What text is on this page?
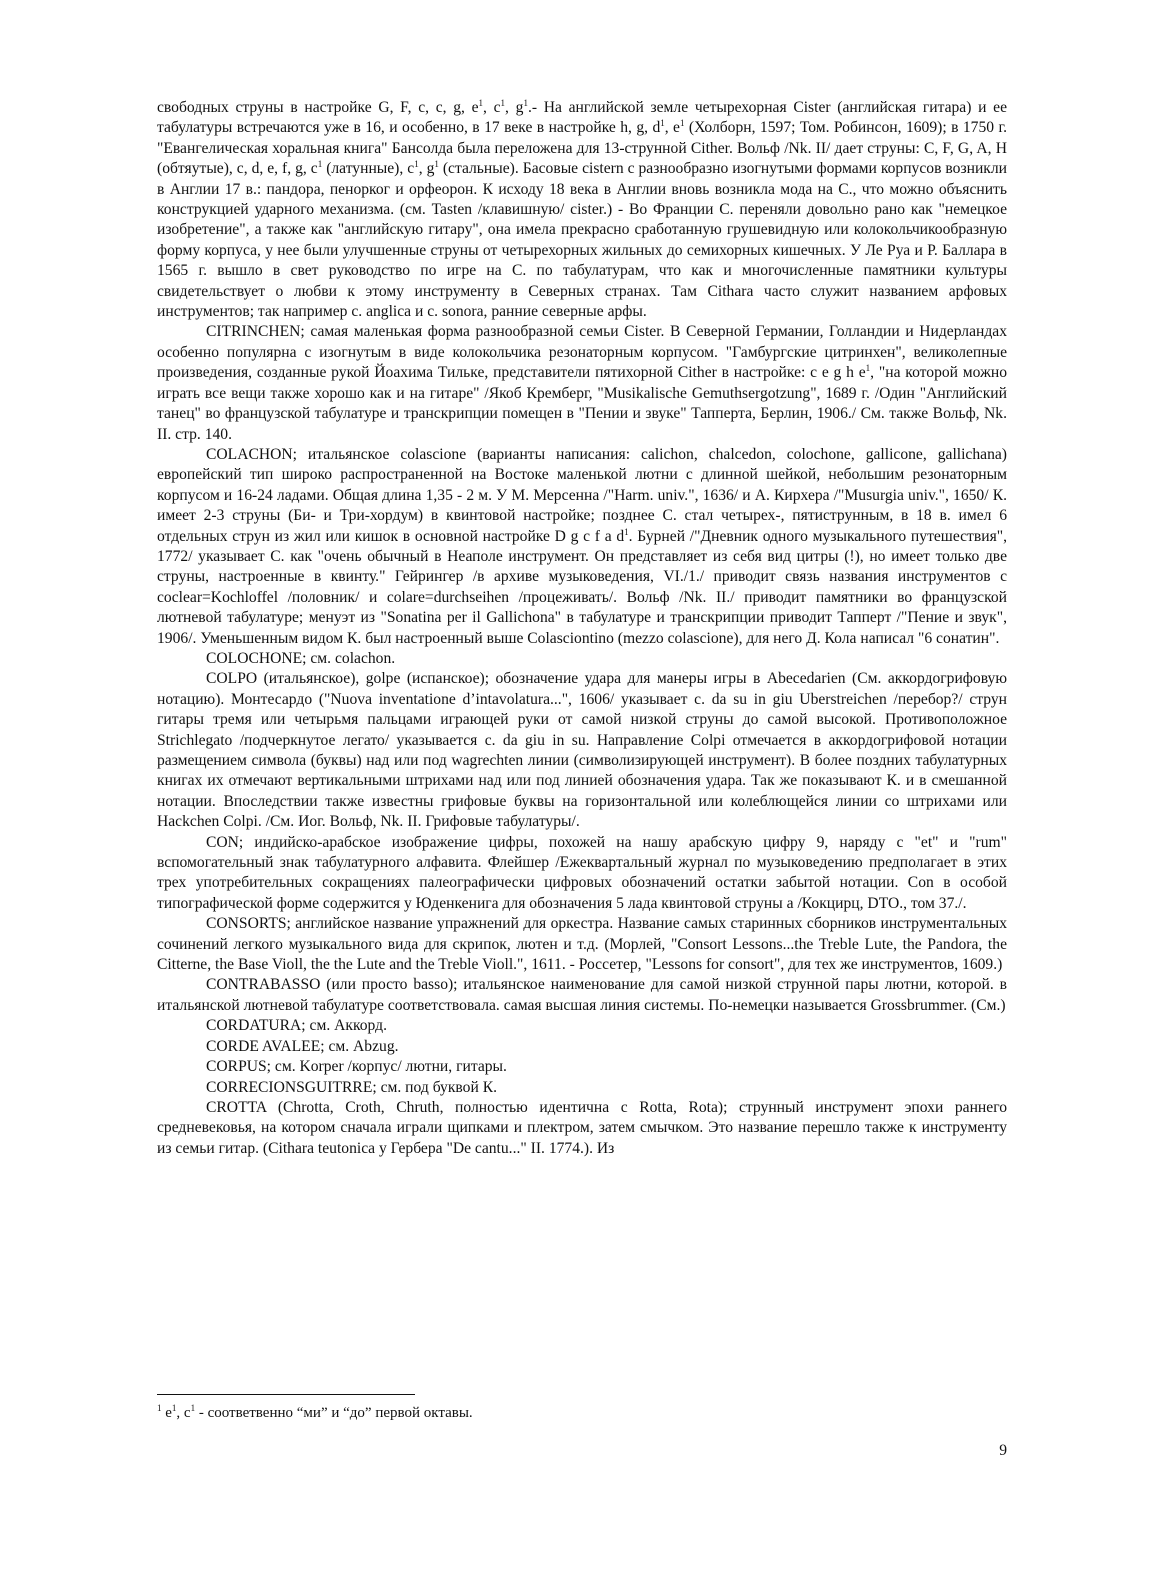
свободных струны в настройке G, F, c, c, g, $e^1$, $c^1$, $g^1.-$ На английской земле четырехорная Cister (английская гитара) и ее табулатуры встречаются уже в 16, и особенно, в 17 веке в настройке h, g, $d^1$, $e^1$ (Холборн, 1597; Том. Робинсон, 1609); в 1750 г. "Евангелическая хоральная книга" Бансолда была переложена для 13-струнной Cither. Вольф /Nk. II/ дает струны: C, F, G, A, H (обтяутые), c, d, e, f, g, $c^1$ (латунные), $c^1$, $g^1$ (стальные). Басовые cistern с разнообразно изогнутыми формами корпусов возникли в Англии 17 в.: пандора, пенорког и орфеорон. К исходу 18 века в Англии вновь возникла мода на С., что можно объяснить конструкцией ударного механизма. (см. Tasten /клавишную/ cister.) - Во Франции С. переняли довольно рано как "немецкое изобретение", а также как "английскую гитару", она имела прекрасно сработанную грушевидную или колокольчикообразную форму корпуса, у нее были улучшенные струны от четырехорных жильных до семихорных кишечных. У Ле Руа и Р. Баллара в 1565 г. вышло в свет руководство по игре на С. по табулатурам, что как и многочисленные памятники культуры свидетельствует о любви к этому инструменту в Северных странах. Там Cithara часто служит названием арфовых инструментов; так например c. anglica и c. sonora, ранние северные арфы.

CITRINCHEN; самая маленькая форма разнообразной семьи Cister. В Северной Германии, Голландии и Нидерландах особенно популярна с изогнутым в виде колокольчика резонаторным корпусом. "Гамбургские цитринхен", великолепные произведения, созданные рукой Йоахима Тильке, представители пятихорной Cither в настройке: c e g h $e^1$, "на которой можно играть все вещи также хорошо как и на гитаре" /Якоб Кремберг, "Musikalische Gemuthsergotzung", 1689 г. /Один "Английский танец" во французской табулатуре и транскрипции помещен в "Пении и звуке" Тапперта, Берлин, 1906./ См. также Вольф, Nk. II. стр. 140.

COLACHON; итальянское colascione (варианты написания: calichon, chalcedon, colochone, gallicone, gallichana) европейский тип широко распространенной на Востоке маленькой лютни с длинной шейкой, небольшим резонаторным корпусом и 16-24 ладами. Общая длина 1,35 - 2 м. У М. Мерсенна /"Harm. univ.", 1636/ и А. Кирхера /"Musurgia univ.", 1650/ К. имеет 2-3 струны (Би- и Три-хордум) в квинтовой настройке; позднее С. стал четырех-, пятиструнным, в 18 в. имел 6 отдельных струн из жил или кишок в основной настройке D g c f a $d^1$. Бурней /"Дневник одного музыкального путешествия", 1772/ указывает С. как "очень обычный в Неаполе инструмент. Он представляет из себя вид цитры (!), но имеет только две струны, настроенные в квинту." Гейрингер /в архиве музыковедения, VI./1./ приводит связь названия инструментов с coclear=Kochloffel /половник/ и colare=durchseihen /процеживать/. Вольф /Nk. II./ приводит памятники во французской лютневой табулатуре; менуэт из "Sonatina per il Gallichona" в табулатуре и транскрипции приводит Тапперт /"Пение и звук", 1906/. Уменьшенным видом К. был настроенный выше Colasciontino (mezzo colascione), для него Д. Кола написал "6 сонатин".

COLOCHONE; см. colachon.

COLPO (итальянское), golpe (испанское); обозначение удара для манеры игры в Abecedarien (См. аккордогрифовую нотацию). Монтесардо ("Nuova inventatione d’intavolatura...", 1606/ указывает c. da su in giu Uberstreichen /перебор?/ струн гитары тремя или четырьмя пальцами играющей руки от самой низкой струны до самой высокой. Противоположное Strichlegato /подчеркнутое легато/ указывается c. da giu in su. Направление Colpi отмечается в аккордогрифовой нотации размещением символа (буквы) над или под wagrechten линии (символизирующей инструмент). В более поздних табулатурных книгах их отмечают вертикальными штрихами над или под линией обозначения удара. Так же показывают К. и в смешанной нотации. Впоследствии также известны грифовые буквы на горизонтальной или колеблющейся линии со штрихами или Hackchen Colpi. /См. Иог. Вольф, Nk. II. Грифовые табулатуры/.

CON; индийско-арабское изображение цифры, похожей на нашу арабскую цифру 9, наряду с "et" и "rum" вспомогательный знак табулатурного алфавита. Флейшер /Ежеквартальный журнал по музыковедению предполагает в этих трех употребительных сокращениях палеографически цифровых обозначений остатки забытой нотации. Con в особой типографической форме содержится у Юденкенига для обозначения 5 лада квинтовой струны a /Кокцирц, DTO., том 37./.

CONSORTS; английское название упражнений для оркестра. Название самых старинных сборников инструментальных сочинений легкого музыкального вида для скрипок, лютен и т.д. (Морлей, "Consort Lessons...the Treble Lute, the Pandora, the Citterne, the Base Violl, the the Lute and the Treble Violl.", 1611. - Россетер, "Lessons for consort", для тех же инструментов, 1609.)

CONTRABASSO (или просто basso); итальянское наименование для самой низкой струнной пары лютни, которой. в итальянской лютневой табулатуре соответствовала. самая высшая линия системы. По-немецки называется Grossbrummer. (См.)

CORDATURA; см. Аккорд.

CORDE AVALEE; см. Abzug.

CORPUS; см. Korper /корпус/ лютни, гитары.

CORRECIONSGUITRRE; см. под буквой К.

CROTTA (Chrotta, Croth, Chruth, полностью идентична с Rotta, Rota); струнный инструмент эпохи раннего средневековья, на котором сначала играли щипками и плектром, затем смычком. Это название перешло также к инструменту из семьи гитар. (Cithara teutonica у Гербера "De cantu..." II. 1774.). Из

$^1$ $e^1$, $c^1$ - соответвенно “ми” и “до” первой октавы.
9
